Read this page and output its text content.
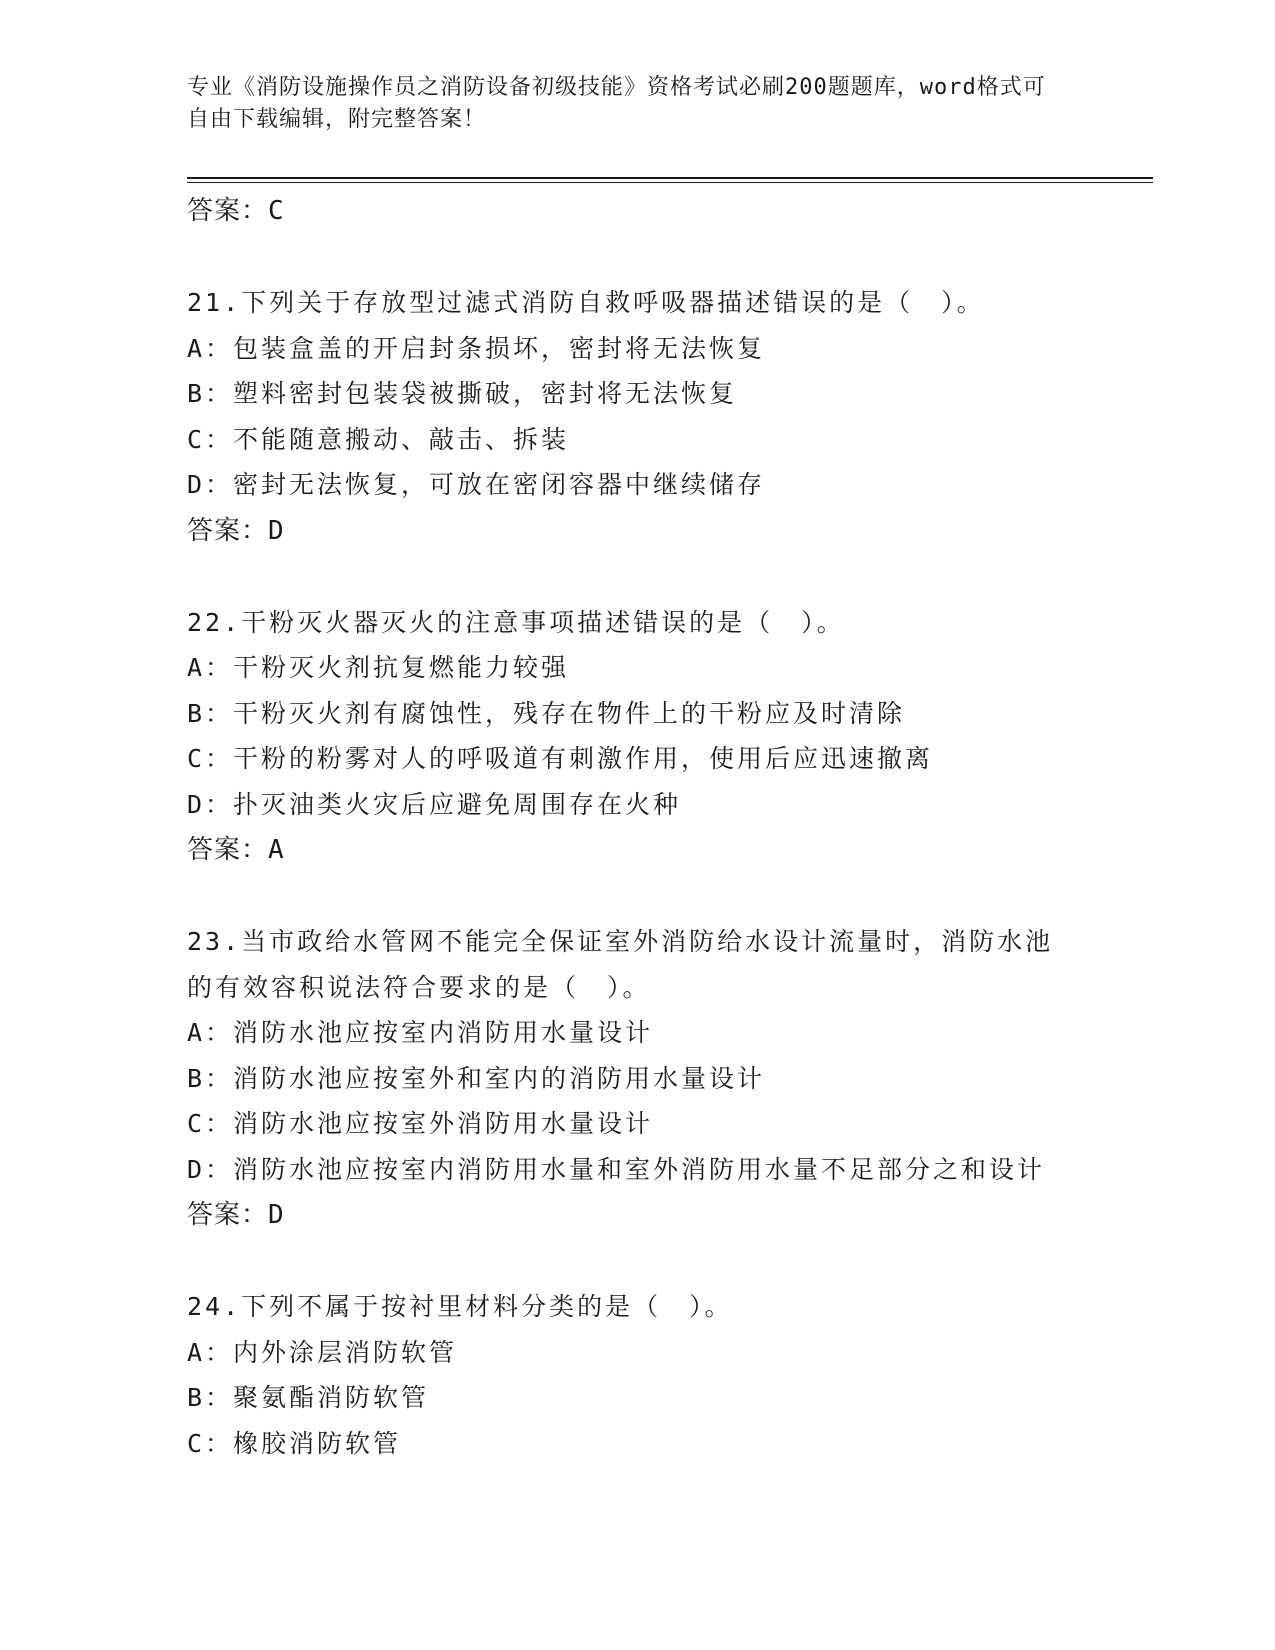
专业《消防设施操作员之消防设备初级技能》资格考试必刷200题题库，word格式可自由下载编辑，附完整答案！
答案：C
21.下列关于存放型过滤式消防自救呼吸器描述错误的是（　）。
A：包装盒盖的开启封条损坏，密封将无法恢复
B：塑料密封包装袋被撕破，密封将无法恢复
C：不能随意搬动、敲击、拆装
D：密封无法恢复，可放在密闭容器中继续储存
答案：D
22.干粉灭火器灭火的注意事项描述错误的是（　）。
A：干粉灭火剂抗复燃能力较强
B：干粉灭火剂有腐蚀性，残存在物件上的干粉应及时清除
C：干粉的粉雾对人的呼吸道有刺激作用，使用后应迅速撤离
D：扑灭油类火灾后应避免周围存在火种
答案：A
23.当市政给水管网不能完全保证室外消防给水设计流量时，消防水池的有效容积说法符合要求的是（　）。
A：消防水池应按室内消防用水量设计
B：消防水池应按室外和室内的消防用水量设计
C：消防水池应按室外消防用水量设计
D：消防水池应按室内消防用水量和室外消防用水量不足部分之和设计
答案：D
24.下列不属于按衬里材料分类的是（　）。
A：内外涂层消防软管
B：聚氨酯消防软管
C：橡胶消防软管
